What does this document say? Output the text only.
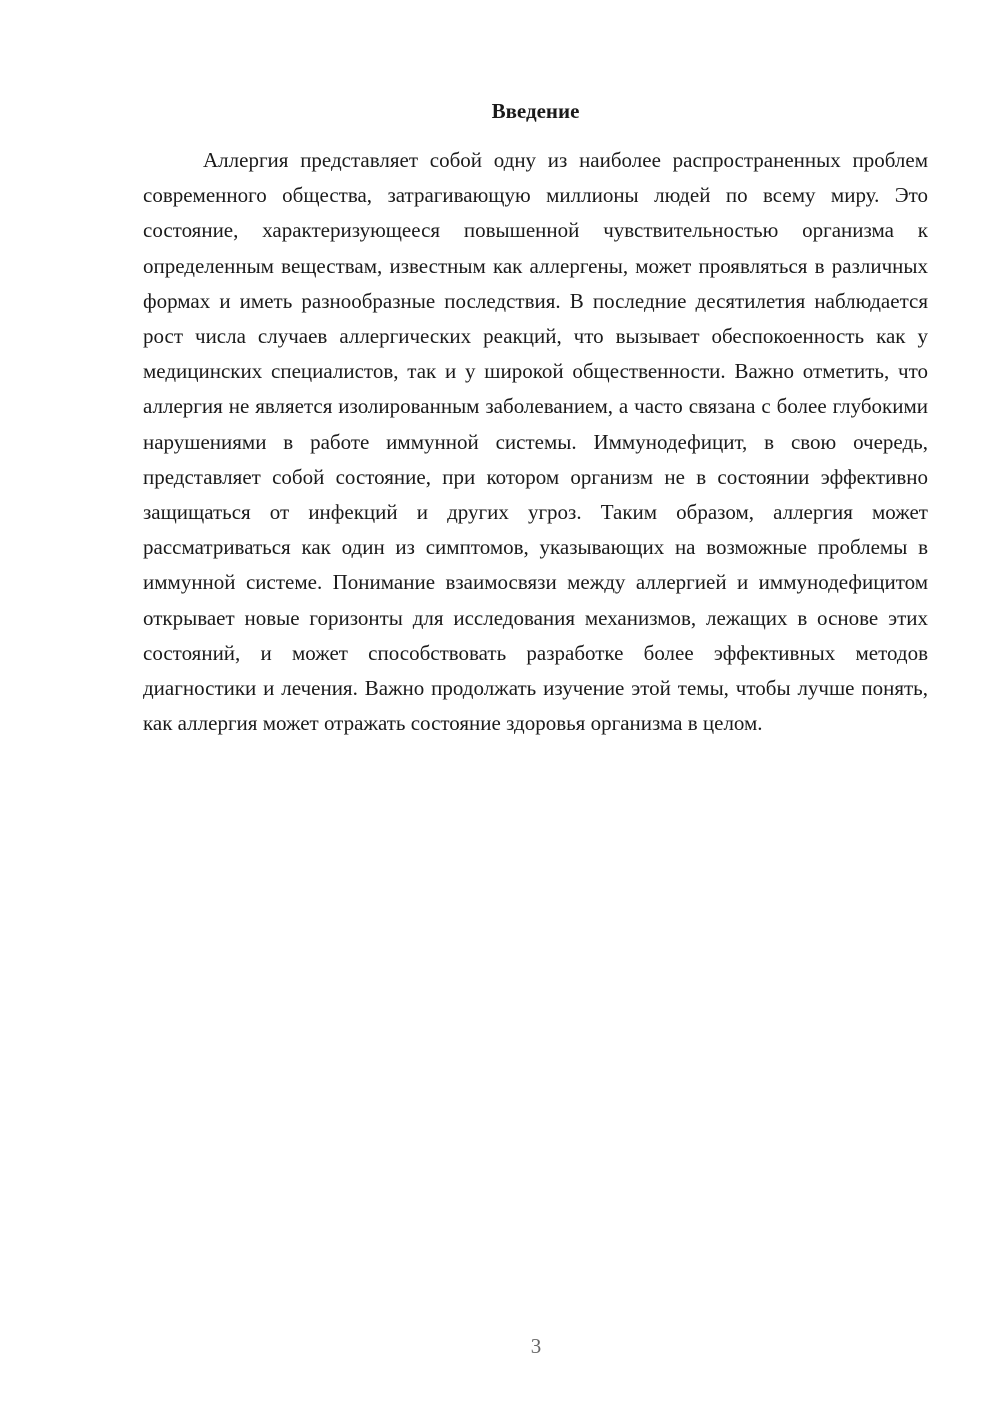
Введение

Аллергия представляет собой одну из наиболее распространенных проблем современного общества, затрагивающую миллионы людей по всему миру. Это состояние, характеризующееся повышенной чувствительностью организма к определенным веществам, известным как аллергены, может проявляться в различных формах и иметь разнообразные последствия. В последние десятилетия наблюдается рост числа случаев аллергических реакций, что вызывает обеспокоенность как у медицинских специалистов, так и у широкой общественности. Важно отметить, что аллергия не является изолированным заболеванием, а часто связана с более глубокими нарушениями в работе иммунной системы. Иммунодефицит, в свою очередь, представляет собой состояние, при котором организм не в состоянии эффективно защищаться от инфекций и других угроз. Таким образом, аллергия может рассматриваться как один из симптомов, указывающих на возможные проблемы в иммунной системе. Понимание взаимосвязи между аллергией и иммунодефицитом открывает новые горизонты для исследования механизмов, лежащих в основе этих состояний, и может способствовать разработке более эффективных методов диагностики и лечения. Важно продолжать изучение этой темы, чтобы лучше понять, как аллергия может отражать состояние здоровья организма в целом.

3
